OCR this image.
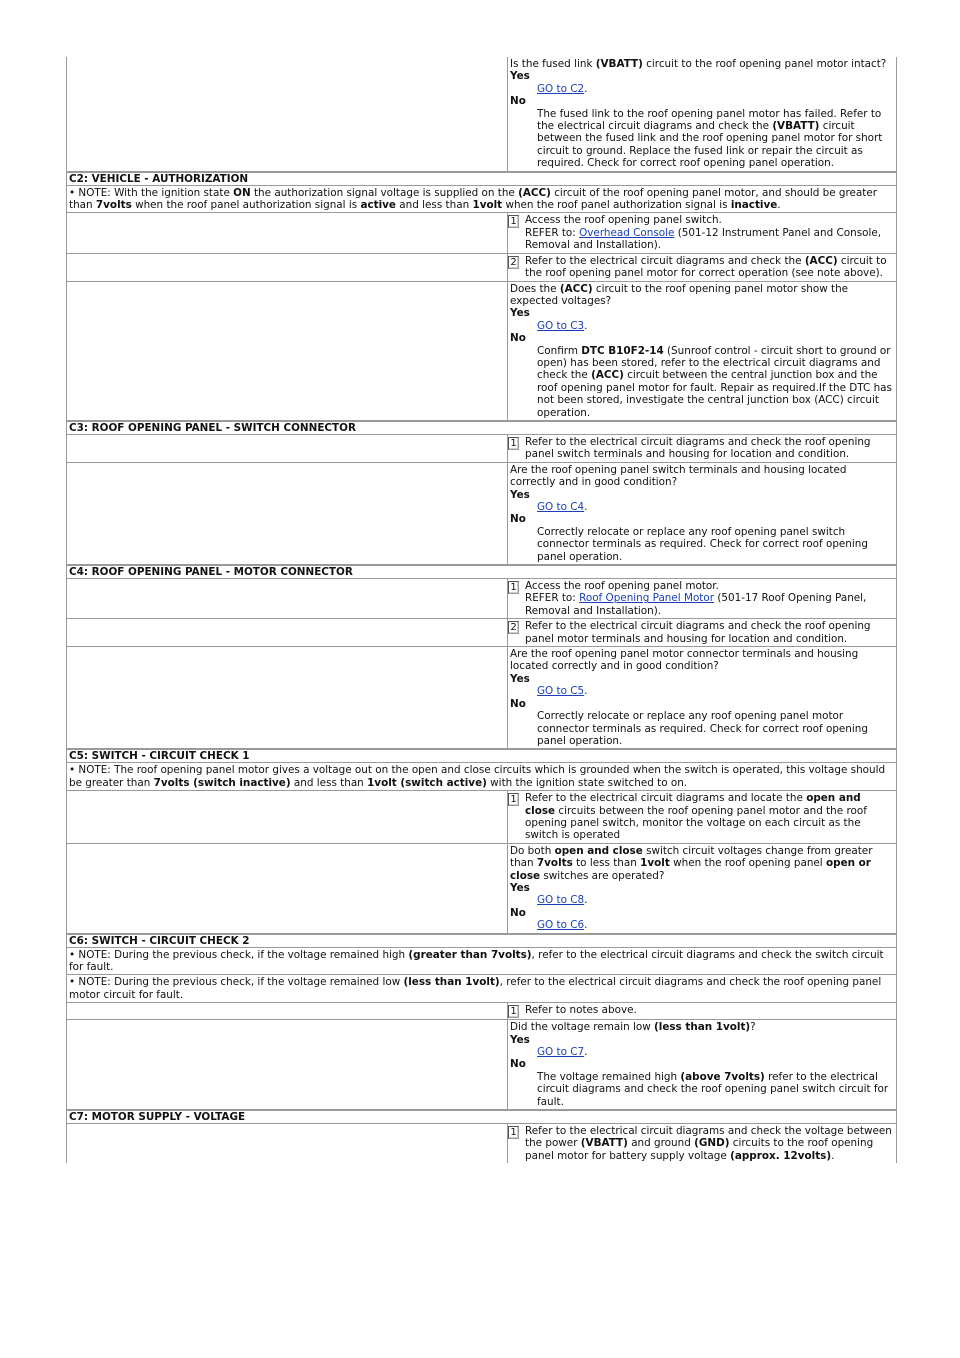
Is the fused link (VBATT) circuit to the roof opening panel motor intact?
Yes
GO to C2.
No
The fused link to the roof opening panel motor has failed. Refer to the electrical circuit diagrams and check the (VBATT) circuit between the fused link and the roof opening panel motor for short circuit to ground. Replace the fused link or repair the circuit as required. Check for correct roof opening panel operation.
C2: VEHICLE - AUTHORIZATION
• NOTE: With the ignition state ON the authorization signal voltage is supplied on the (ACC) circuit of the roof opening panel motor, and should be greater than 7volts when the roof panel authorization signal is active and less than 1volt when the roof panel authorization signal is inactive.
1 Access the roof opening panel switch.
REFER to: Overhead Console (501-12 Instrument Panel and Console, Removal and Installation).
2 Refer to the electrical circuit diagrams and check the (ACC) circuit to the roof opening panel motor for correct operation (see note above).
Does the (ACC) circuit to the roof opening panel motor show the expected voltages?
Yes
GO to C3.
No
Confirm DTC B10F2-14 (Sunroof control - circuit short to ground or open) has been stored, refer to the electrical circuit diagrams and check the (ACC) circuit between the central junction box and the roof opening panel motor for fault. Repair as required.If the DTC has not been stored, investigate the central junction box (ACC) circuit operation.
C3: ROOF OPENING PANEL - SWITCH CONNECTOR
1 Refer to the electrical circuit diagrams and check the roof opening panel switch terminals and housing for location and condition.
Are the roof opening panel switch terminals and housing located correctly and in good condition?
Yes
GO to C4.
No
Correctly relocate or replace any roof opening panel switch connector terminals as required. Check for correct roof opening panel operation.
C4: ROOF OPENING PANEL - MOTOR CONNECTOR
1 Access the roof opening panel motor.
REFER to: Roof Opening Panel Motor (501-17 Roof Opening Panel, Removal and Installation).
2 Refer to the electrical circuit diagrams and check the roof opening panel motor terminals and housing for location and condition.
Are the roof opening panel motor connector terminals and housing located correctly and in good condition?
Yes
GO to C5.
No
Correctly relocate or replace any roof opening panel motor connector terminals as required. Check for correct roof opening panel operation.
C5: SWITCH - CIRCUIT CHECK 1
• NOTE: The roof opening panel motor gives a voltage out on the open and close circuits which is grounded when the switch is operated, this voltage should be greater than 7volts (switch inactive) and less than 1volt (switch active) with the ignition state switched to on.
1 Refer to the electrical circuit diagrams and locate the open and close circuits between the roof opening panel motor and the roof opening panel switch, monitor the voltage on each circuit as the switch is operated
Do both open and close switch circuit voltages change from greater than 7volts to less than 1volt when the roof opening panel open or close switches are operated?
Yes
GO to C8.
No
GO to C6.
C6: SWITCH - CIRCUIT CHECK 2
• NOTE: During the previous check, if the voltage remained high (greater than 7volts), refer to the electrical circuit diagrams and check the switch circuit for fault.
• NOTE: During the previous check, if the voltage remained low (less than 1volt), refer to the electrical circuit diagrams and check the roof opening panel motor circuit for fault.
1 Refer to notes above.
Did the voltage remain low (less than 1volt)?
Yes
GO to C7.
No
The voltage remained high (above 7volts) refer to the electrical circuit diagrams and check the roof opening panel switch circuit for fault.
C7: MOTOR SUPPLY - VOLTAGE
1 Refer to the electrical circuit diagrams and check the voltage between the power (VBATT) and ground (GND) circuits to the roof opening panel motor for battery supply voltage (approx. 12volts).
